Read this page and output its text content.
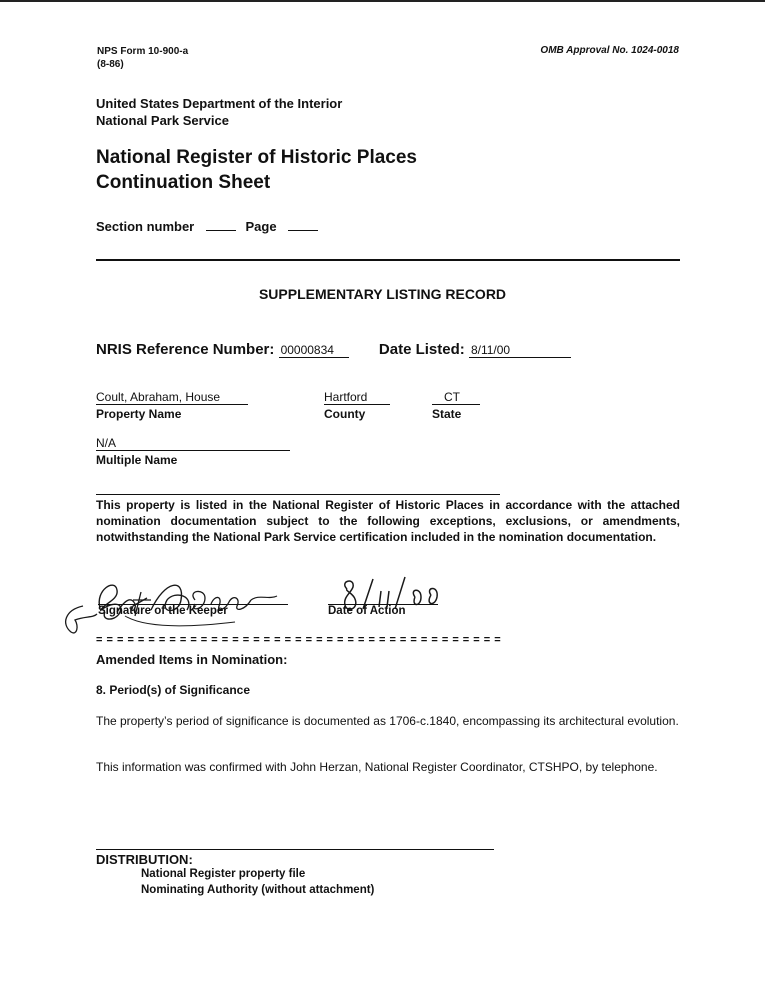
NPS Form 10-900-a
(8-86)
OMB Approval No. 1024-0018
United States Department of the Interior
National Park Service
National Register of Historic Places
Continuation Sheet
Section number	Page
SUPPLEMENTARY LISTING RECORD
NRIS Reference Number: 00000834	Date Listed: 8/11/00
Coult, Abraham, House
Property Name
Hartford
County
CT
State
N/A
Multiple Name
This property is listed in the National Register of Historic Places in accordance with the attached nomination documentation subject to the following exceptions, exclusions, or amendments, notwithstanding the National Park Service certification included in the nomination documentation.
Signature of the Keeper	Date of Action
= = = = = = = = = = = = = = = = = = = = = = = = = = = = = = = = = = = = = = =
Amended Items in Nomination:
8. Period(s) of Significance
The property’s period of significance is documented as 1706-c.1840, encompassing its architectural evolution.
This information was confirmed with John Herzan, National Register Coordinator, CTSHPO, by telephone.
DISTRIBUTION:
National Register property file
Nominating Authority (without attachment)
